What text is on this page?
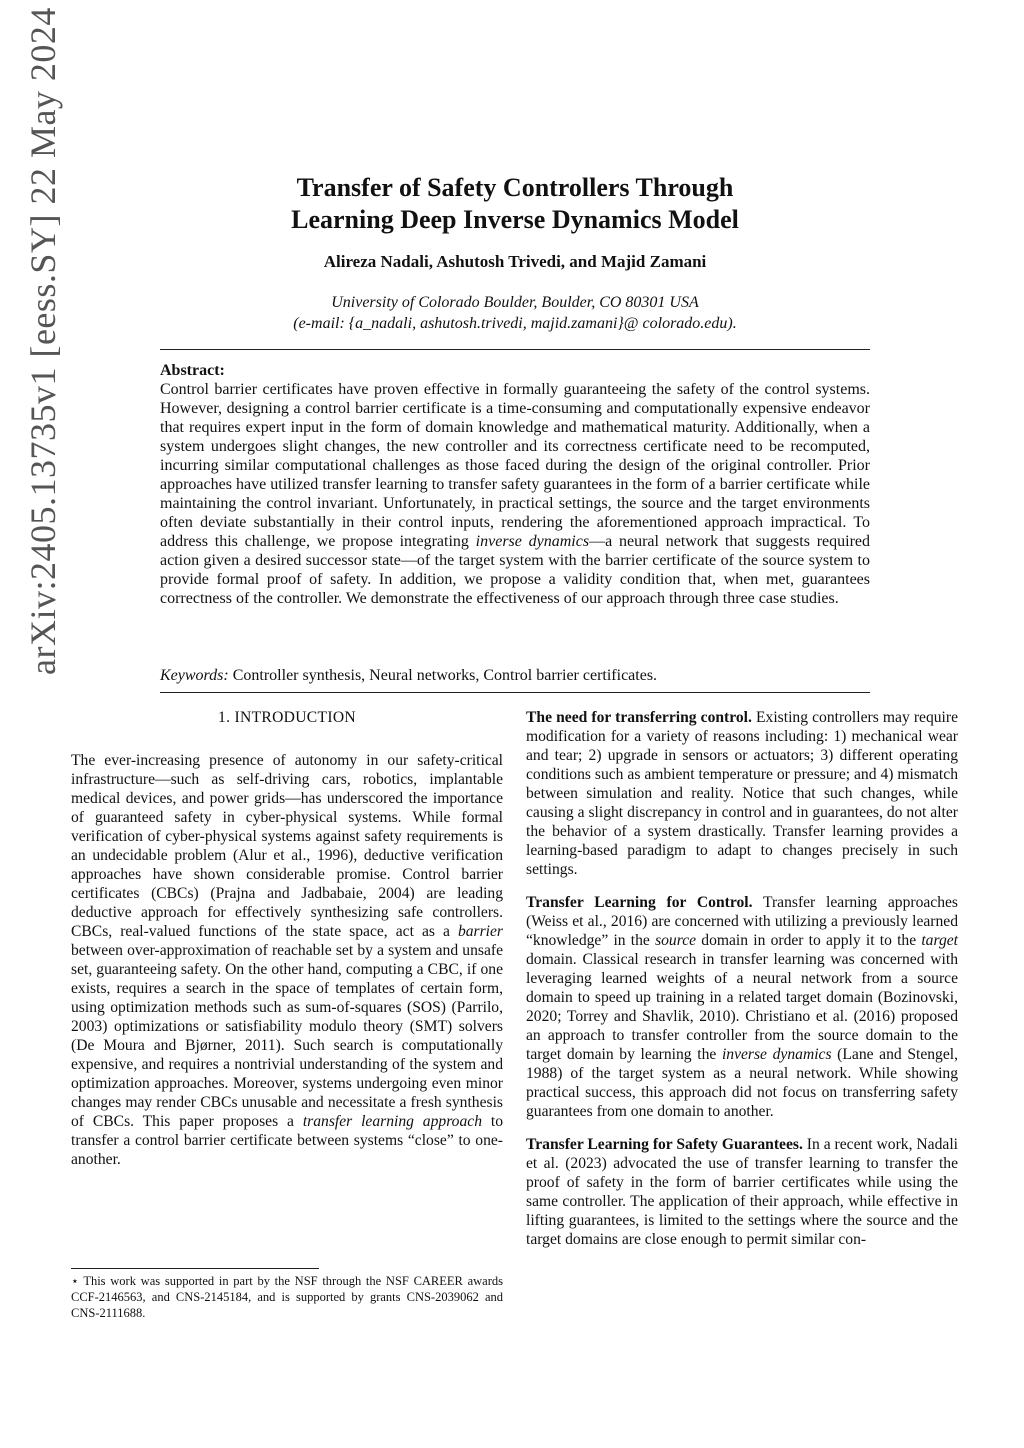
arXiv:2405.13735v1 [eess.SY] 22 May 2024	Transfer of Safety Controllers Through
Learning Deep Inverse Dynamics Model
Alireza Nadali, Ashutosh Trivedi, and Majid Zamani
University of Colorado Boulder, Boulder, CO 80301 USA
(e-mail: {a_nadali, ashutosh.trivedi, majid.zamani}@ colorado.edu).
Abstract:
Control barrier certificates have proven effective in formally guaranteeing the safety of the control systems. However, designing a control barrier certificate is a time-consuming and computationally expensive endeavor that requires expert input in the form of domain knowledge and mathematical maturity. Additionally, when a system undergoes slight changes, the new controller and its correctness certificate need to be recomputed, incurring similar computational challenges as those faced during the design of the original controller. Prior approaches have utilized transfer learning to transfer safety guarantees in the form of a barrier certificate while maintaining the control invariant. Unfortunately, in practical settings, the source and the target environments often deviate substantially in their control inputs, rendering the aforementioned approach impractical. To address this challenge, we propose integrating inverse dynamics—a neural network that suggests required action given a desired successor state—of the target system with the barrier certificate of the source system to provide formal proof of safety. In addition, we propose a validity condition that, when met, guarantees correctness of the controller. We demonstrate the effectiveness of our approach through three case studies.
Keywords: Controller synthesis, Neural networks, Control barrier certificates.
1. INTRODUCTION

The ever-increasing presence of autonomy in our safety-critical infrastructure—such as self-driving cars, robotics, implantable medical devices, and power grids—has underscored the importance of guaranteed safety in cyber-physical systems. While formal verification of cyber-physical systems against safety requirements is an undecidable problem (Alur et al., 1996), deductive verification approaches have shown considerable promise. Control barrier certificates (CBCs) (Prajna and Jadbabaie, 2004) are leading deductive approach for effectively synthesizing safe controllers. CBCs, real-valued functions of the state space, act as a barrier between over-approximation of reachable set by a system and unsafe set, guaranteeing safety. On the other hand, computing a CBC, if one exists, requires a search in the space of templates of certain form, using optimization methods such as sum-of-squares (SOS) (Parrilo, 2003) optimizations or satisfiability modulo theory (SMT) solvers (De Moura and Bjørner, 2011). Such search is computationally expensive, and requires a nontrivial understanding of the system and optimization approaches. Moreover, systems undergoing even minor changes may render CBCs unusable and necessitate a fresh synthesis of CBCs. This paper proposes a transfer learning approach to transfer a control barrier certificate between systems “close” to one-another.

⋆ This work was supported in part by the NSF through the NSF CAREER awards CCF-2146563, and CNS-2145184, and is supported by grants CNS-2039062 and CNS-2111688.

The need for transferring control. Existing controllers may require modification for a variety of reasons including: 1) mechanical wear and tear; 2) upgrade in sensors or actuators; 3) different operating conditions such as ambient temperature or pressure; and 4) mismatch between simulation and reality. Notice that such changes, while causing a slight discrepancy in control and in guarantees, do not alter the behavior of a system drastically. Transfer learning provides a learning-based paradigm to adapt to changes precisely in such settings.

Transfer Learning for Control. Transfer learning approaches (Weiss et al., 2016) are concerned with utilizing a previously learned “knowledge” in the source domain in order to apply it to the target domain. Classical research in transfer learning was concerned with leveraging learned weights of a neural network from a source domain to speed up training in a related target domain (Bozinovski, 2020; Torrey and Shavlik, 2010). Christiano et al. (2016) proposed an approach to transfer controller from the source domain to the target domain by learning the inverse dynamics (Lane and Stengel, 1988) of the target system as a neural network. While showing practical success, this approach did not focus on transferring safety guarantees from one domain to another.

Transfer Learning for Safety Guarantees. In a recent work, Nadali et al. (2023) advocated the use of transfer learning to transfer the proof of safety in the form of barrier certificates while using the same controller. The application of their approach, while effective in lifting guarantees, is limited to the settings where the source and the target domains are close enough to permit similar con-
